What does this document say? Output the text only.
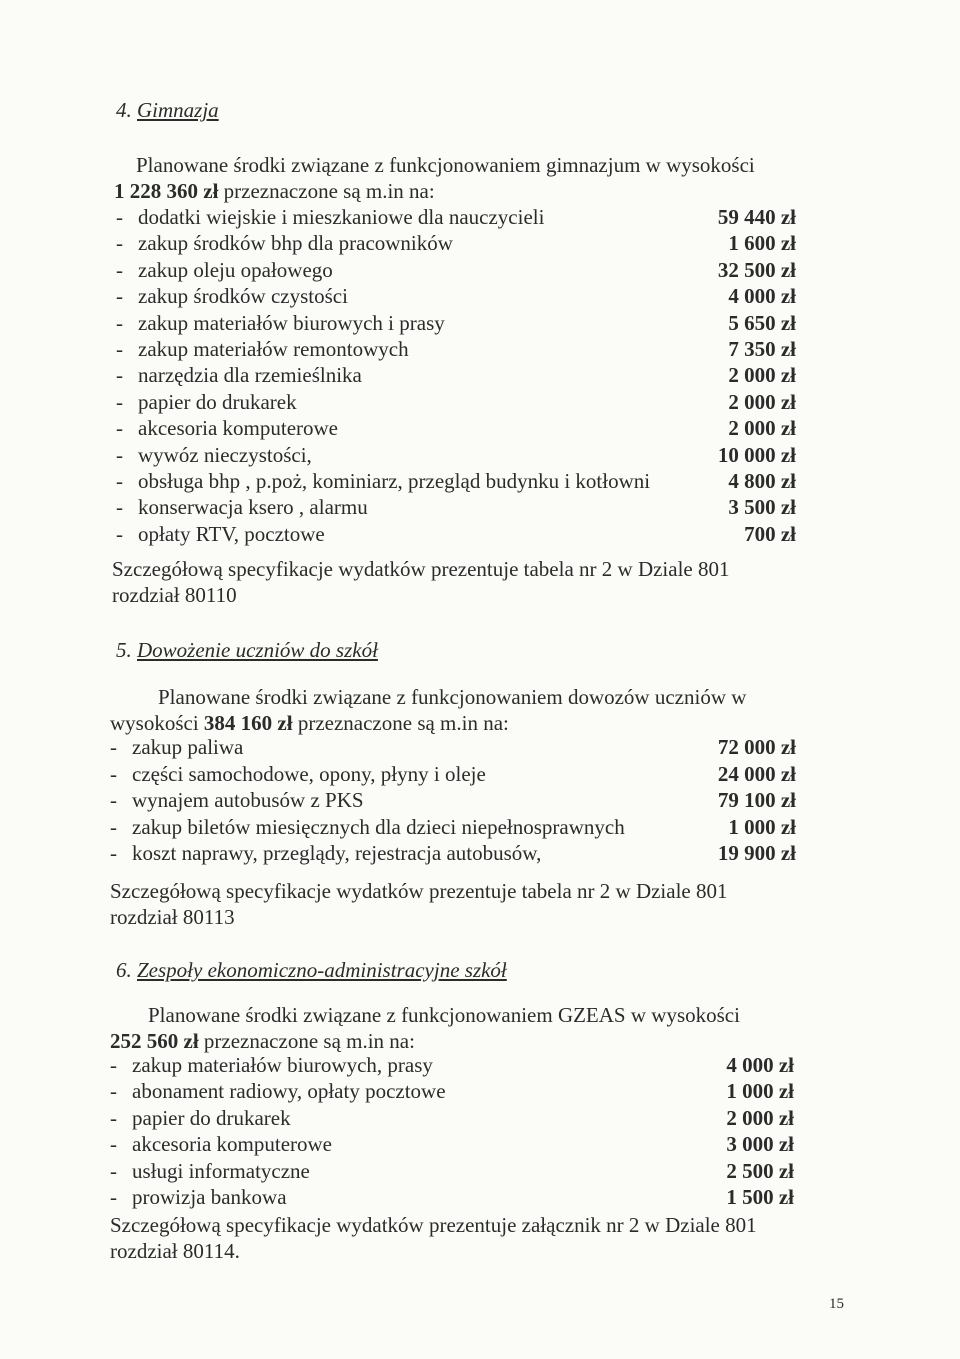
4. Gimnazja
Planowane środki związane z funkcjonowaniem gimnazjum w wysokości
1 228 360 zł przeznaczone są m.in na:
- dodatki wiejskie i mieszkaniowe dla nauczycieli	59 440 zł
- zakup środków bhp dla pracowników	1 600 zł
- zakup oleju opałowego	32 500 zł
- zakup środków czystości	4 000 zł
- zakup materiałów biurowych i prasy	5 650 zł
- zakup materiałów remontowych	7 350 zł
- narzędzia dla rzemieślnika	2 000 zł
- papier do drukarek	2 000 zł
- akcesoria komputerowe	2 000 zł
- wywóz nieczystości,	10 000 zł
- obsługa bhp , p.poż, kominiarz, przegląd budynku i kotłowni	4 800 zł
- konserwacja ksero , alarmu	3 500 zł
- opłaty RTV, pocztowe	700 zł
Szczegółową specyfikacje wydatków prezentuje tabela nr 2 w Dziale 801
rozdział 80110
5. Dowożenie uczniów do szkół
Planowane środki związane z funkcjonowaniem dowozów uczniów w
wysokości 384 160 zł przeznaczone są m.in na:
- zakup paliwa	72 000 zł
- części samochodowe, opony, płyny i oleje	24 000 zł
- wynajem autobusów z PKS	79 100 zł
- zakup biletów miesięcznych dla dzieci niepełnosprawnych	1 000 zł
- koszt naprawy, przeglądy, rejestracja autobusów,	19 900 zł
Szczegółową specyfikacje wydatków prezentuje tabela nr 2 w Dziale 801
rozdział 80113
6. Zespoły ekonomiczno-administracyjne szkół
Planowane środki związane z funkcjonowaniem GZEAS w wysokości
252 560 zł przeznaczone są m.in na:
- zakup materiałów biurowych, prasy	4 000 zł
- abonament radiowy, opłaty pocztowe	1 000 zł
- papier do drukarek	2 000 zł
- akcesoria komputerowe	3 000 zł
- usługi informatyczne	2 500 zł
- prowizja bankowa	1 500 zł
Szczegółową specyfikacje wydatków prezentuje załącznik nr 2 w Dziale 801
rozdział 80114.
15
